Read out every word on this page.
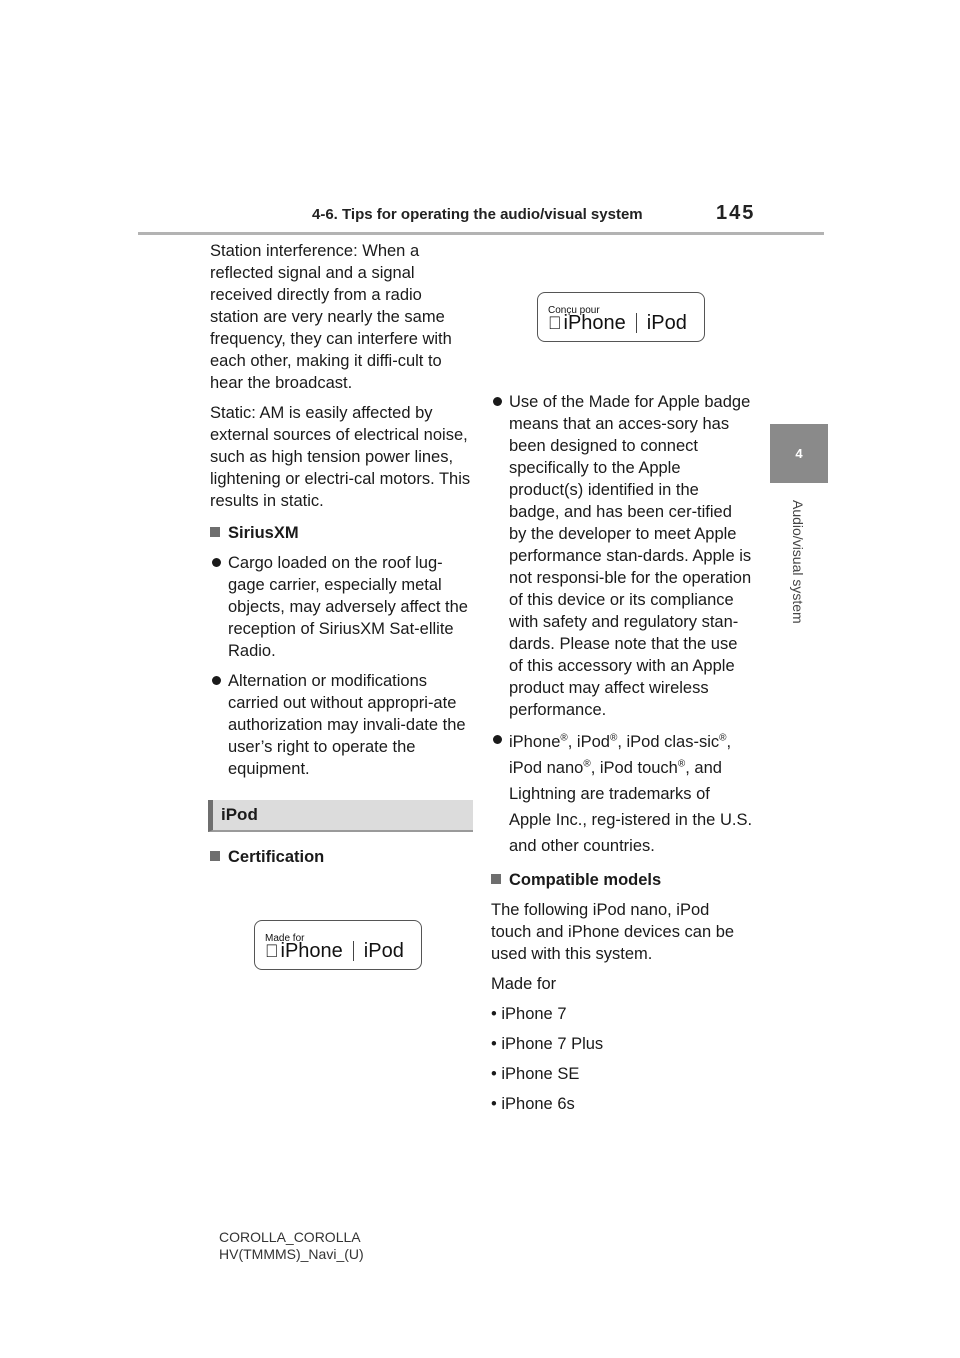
4-6. Tips for operating the audio/visual system	145
4
Audio/visual system

Station interference: When a reflected signal and a signal received directly from a radio station are very nearly the same frequency, they can interfere with each other, making it diffi-cult to hear the broadcast.

Static: AM is easily affected by external sources of electrical noise, such as high tension power lines, lightening or electri-cal motors. This results in static.

SiriusXM
Cargo loaded on the roof lug-gage carrier, especially metal objects, may adversely affect the reception of SiriusXM Sat-ellite Radio.
Alternation or modifications carried out without appropri-ate authorization may invali-date the user’s right to operate the equipment.
iPod
Certification
Made for
iPhone iPod
Conçu pour
iPhone iPod
Use of the Made for Apple badge means that an acces-sory has been designed to connect specifically to the Apple product(s) identified in the badge, and has been cer-tified by the developer to meet Apple performance stan-dards. Apple is not responsi-ble for the operation of this device or its compliance with safety and regulatory stan-dards. Please note that the use of this accessory with an Apple product may affect wireless performance.
iPhone®, iPod®, iPod clas-sic®, iPod nano®, iPod touch®, and Lightning are trademarks of Apple Inc., reg-istered in the U.S. and other countries.
Compatible models

The following iPod nano, iPod touch and iPhone devices can be used with this system.

Made for

• iPhone 7

• iPhone 7 Plus

• iPhone SE

• iPhone 6s

COROLLA_COROLLA
HV(TMMMS)_Navi_(U)
